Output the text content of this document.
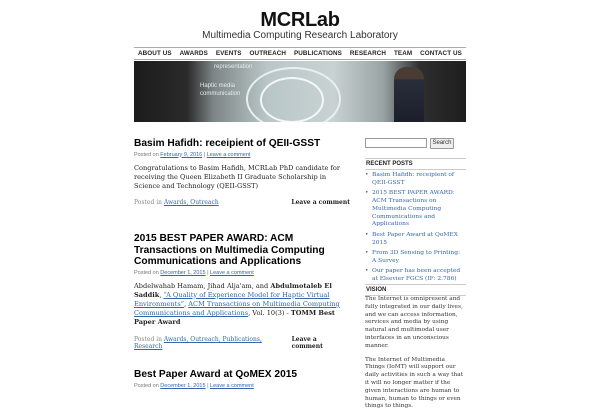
MCRLab
Multimedia Computing Research Laboratory
ABOUT US AWARDS EVENTS OUTREACH PUBLICATIONS RESEARCH TEAM CONTACT US
representation
Haptic media
communication
Basim Hafidh: receipient of QEII-GSST
Posted on February 9, 2016 | Leave a comment
Congratulations to Basim Hafidh, MCRLab PhD candidate for receiving the Queen Elizabeth II Graduate Scholarship in Science and Technology (QEII-GSST)
Posted in Awards, Outreach	Leave a comment
2015 BEST PAPER AWARD: ACM Transactions on Multimedia Computing Communications and Applications
Posted on December 1, 2015 | Leave a comment
Abdelwahab Hamam, Jihad Alja'am, and Abdulmotaleb El Saddik, “A Quality of Experience Model for Haptic Virtual Environments”, ACM Transactions on Multimedia Computing Communications and Applications, Vol. 10(3) - TOMM Best Paper Award
Posted in Awards, Outreach, Publications, Research
Leave a comment
Best Paper Award at QoMEX 2015
Posted on December 1, 2015 | Leave a comment
Search
RECENT POSTS
• Basim Hafidh: receipient of QEII-GSST
• 2015 BEST PAPER AWARD: ACM Transactions on Multimedia Computing Communications and Applications
• Best Paper Award at QoMEX 2015
• From 3D Sensing to Printing: A Survey
• Our paper has been accepted at Elsevier FGCS (IF: 2.786)
VISION

The Internet is omnipresent and fully integrated in our daily lives, and we can access information, services and media by using natural and multimodal user interfaces in an unconscious manner.

The Internet of Multimedia Things (IoMT) will support our daily activities in such a way that it will no longer matter if the given interactions are human to human, human to things or even things to things.
